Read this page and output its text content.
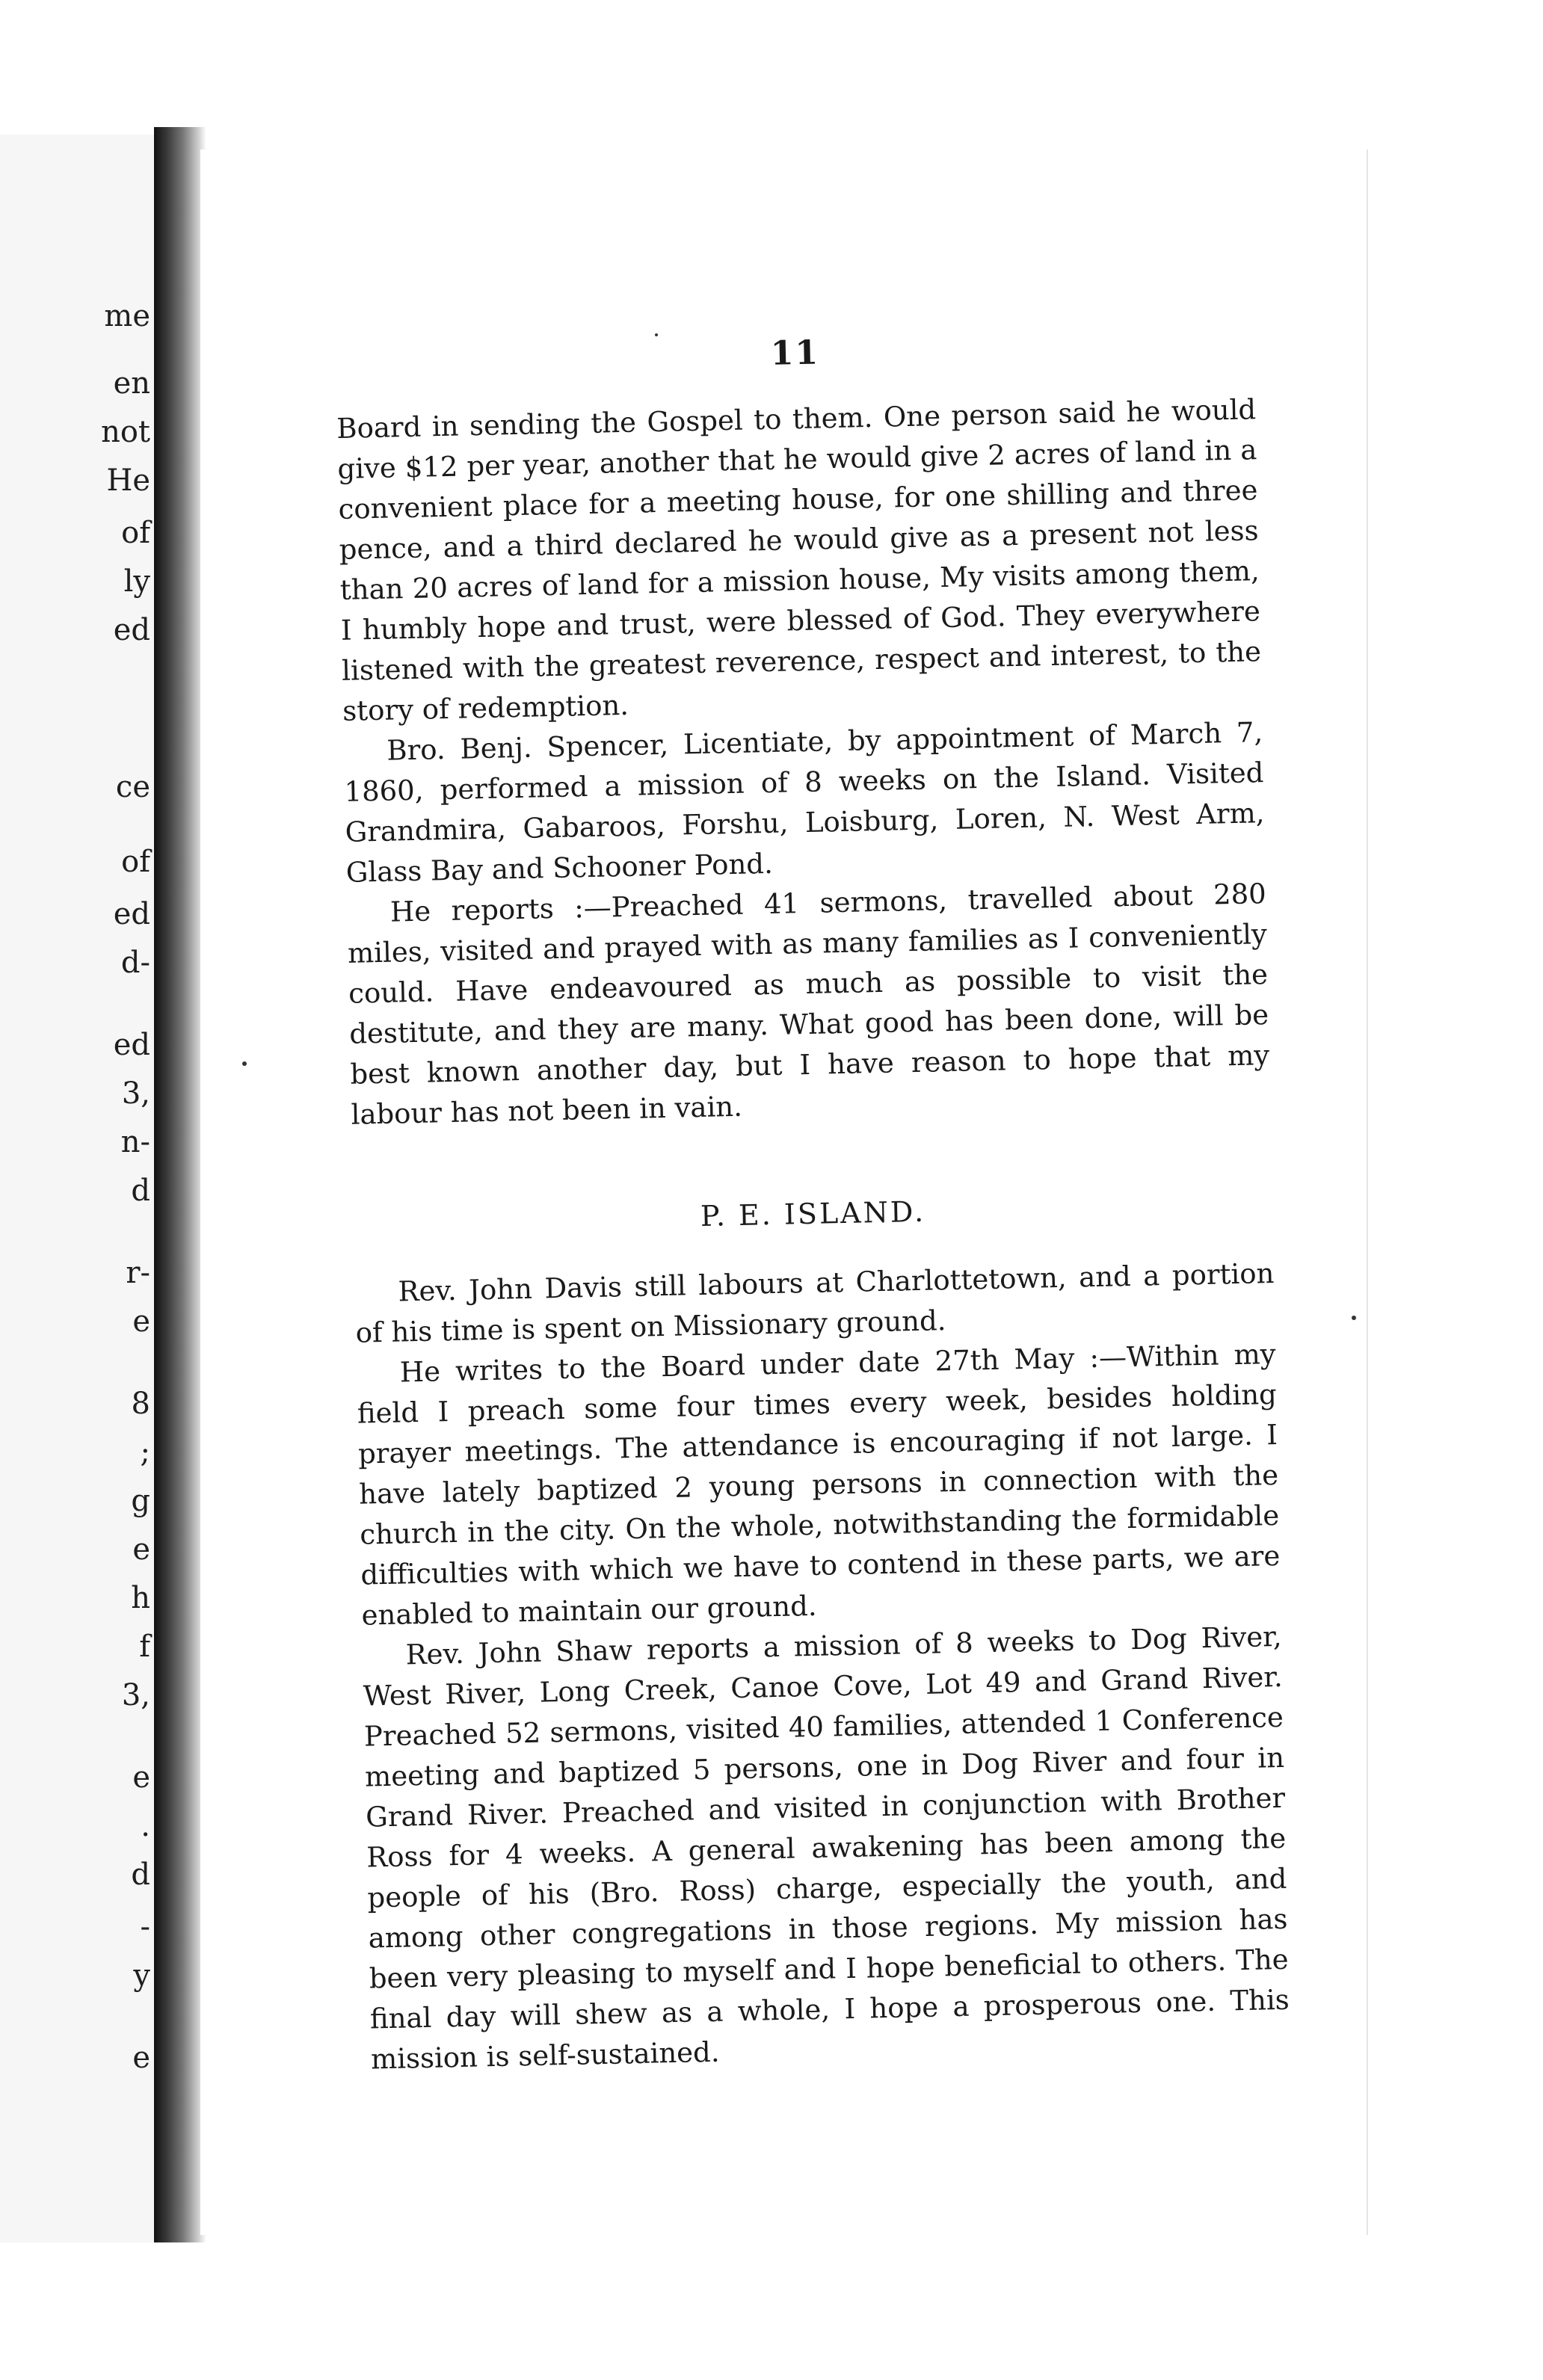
me
en
not
He
of
ly
ed
ce
of
ed
d-
ed
3,
n-
d
r-
e
8
;
g
e
h
f
3,
e
.
d
-
y
e
11

Board in sending the Gospel to them. One person said he would give $12 per year, another that he would give 2 acres of land in a convenient place for a meeting house, for one shilling and three pence, and a third declared he would give as a present not less than 20 acres of land for a mission house, My visits among them, I humbly hope and trust, were blessed of God. They everywhere listened with the greatest reverence, respect and interest, to the story of redemption.

Bro. Benj. Spencer, Licentiate, by appointment of March 7, 1860, performed a mission of 8 weeks on the Island. Visited Grandmira, Gabaroos, Forshu, Loisburg, Loren, N. West Arm, Glass Bay and Schooner Pond.

He reports :—Preached 41 sermons, travelled about 280 miles, visited and prayed with as many families as I conveniently could. Have endeavoured as much as possible to visit the destitute, and they are many. What good has been done, will be best known another day, but I have reason to hope that my labour has not been in vain.

P. E. ISLAND.

Rev. John Davis still labours at Charlottetown, and a portion of his time is spent on Missionary ground.

He writes to the Board under date 27th May :—Within my field I preach some four times every week, besides holding prayer meetings. The attendance is encouraging if not large. I have lately baptized 2 young persons in connection with the church in the city. On the whole, notwithstanding the formidable difficulties with which we have to contend in these parts, we are enabled to maintain our ground.

Rev. John Shaw reports a mission of 8 weeks to Dog River, West River, Long Creek, Canoe Cove, Lot 49 and Grand River. Preached 52 sermons, visited 40 families, attended 1 Conference meeting and baptized 5 persons, one in Dog River and four in Grand River. Preached and visited in conjunction with Brother Ross for 4 weeks. A general awakening has been among the people of his (Bro. Ross) charge, especially the youth, and among other congregations in those regions. My mission has been very pleasing to myself and I hope beneficial to others. The final day will shew as a whole, I hope a prosperous one. This mission is self-sustained.
